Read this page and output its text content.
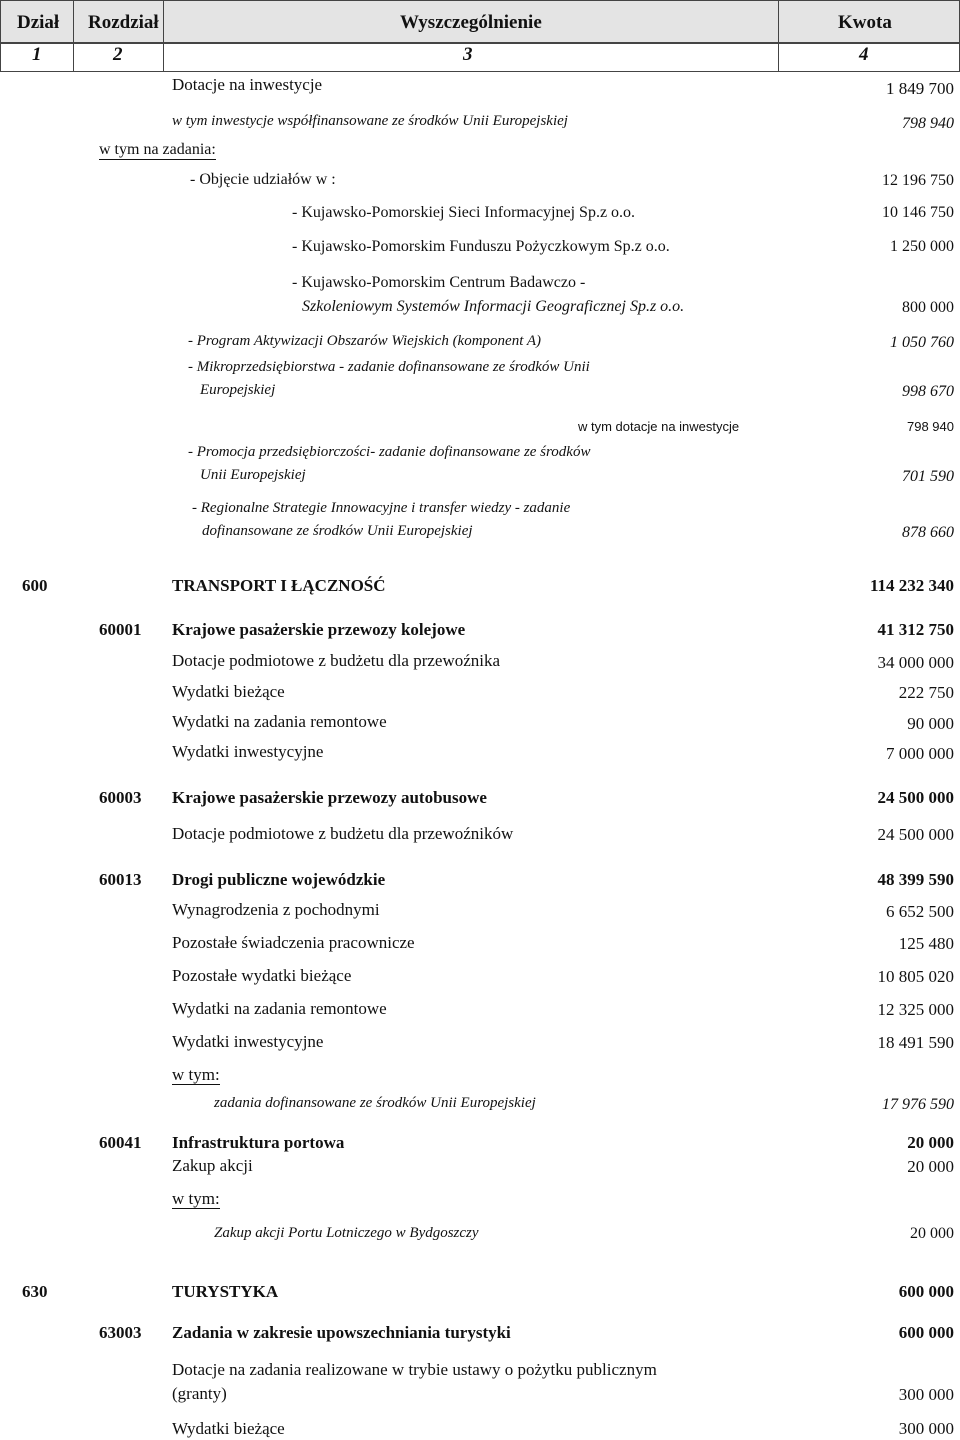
Dział Rozdział	Wyszczególnienie	Kwota
1	2	3	4
Dotacje na inwestycje	1 849 700
w tym inwestycje współfinansowane ze środków Unii Europejskiej	798 940
w tym na zadania:
- Objęcie udziałów w :	12 196 750
- Kujawsko-Pomorskiej Sieci Informacyjnej Sp.z o.o.	10 146 750
- Kujawsko-Pomorskim Funduszu Pożyczkowym Sp.z o.o.	1 250 000
- Kujawsko-Pomorskim Centrum Badawczo -
Szkoleniowym Systemów Informacji Geograficznej Sp.z o.o.	800 000
- Program Aktywizacji Obszarów Wiejskich (komponent A)	1 050 760
- Mikroprzedsiębiorstwa - zadanie dofinansowane ze środków Unii
Europejskiej	998 670
w tym dotacje na inwestycje	798 940
- Promocja przedsiębiorczości- zadanie dofinansowane ze środków
Unii Europejskiej	701 590
- Regionalne Strategie Innowacyjne i transfer wiedzy - zadanie
dofinansowane ze środków Unii Europejskiej	878 660
600	TRANSPORT I ŁĄCZNOŚĆ	114 232 340
60001 Krajowe pasażerskie przewozy kolejowe	41 312 750
Dotacje podmiotowe z budżetu dla przewoźnika	34 000 000
Wydatki bieżące	222 750
Wydatki na zadania remontowe	90 000
Wydatki inwestycyjne	7 000 000
60003 Krajowe pasażerskie przewozy autobusowe	24 500 000
Dotacje podmiotowe z budżetu dla przewoźników	24 500 000
60013 Drogi publiczne wojewódzkie	48 399 590
Wynagrodzenia z pochodnymi	6 652 500
Pozostałe świadczenia pracownicze	125 480
Pozostałe wydatki bieżące	10 805 020
Wydatki na zadania remontowe	12 325 000
Wydatki inwestycyjne	18 491 590
w tym:
zadania dofinansowane ze środków Unii Europejskiej	17 976 590
60041 Infrastruktura portowa	20 000
Zakup akcji	20 000
w tym:
Zakup akcji Portu Lotniczego w Bydgoszczy	20 000
630	TURYSTYKA	600 000
63003 Zadania w zakresie upowszechniania turystyki	600 000
Dotacje na zadania realizowane w trybie ustawy o pożytku publicznym
(granty)	300 000
Wydatki bieżące	300 000
